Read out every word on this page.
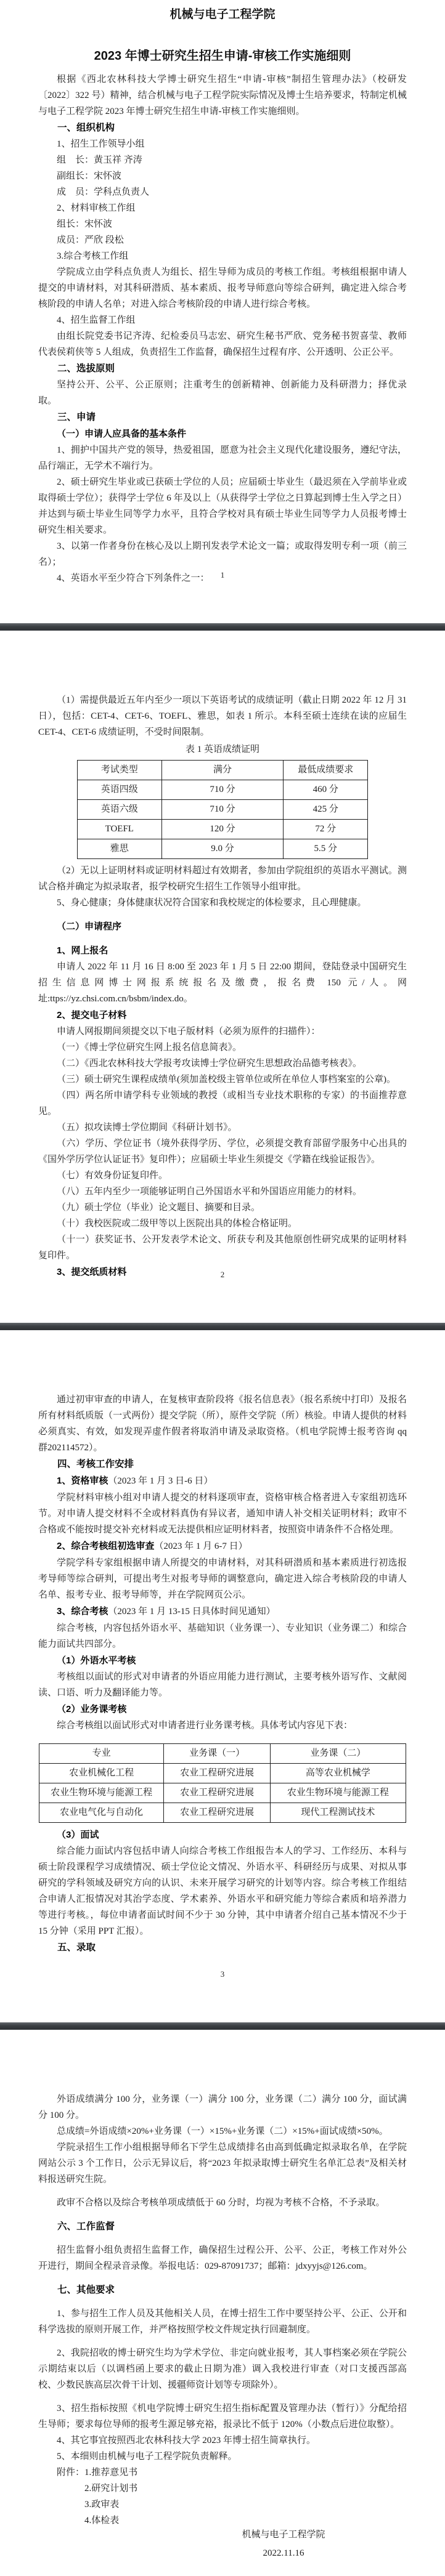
机械与电子工程学院
2023 年博士研究生招生申请-审核工作实施细则
根据《西北农林科技大学博士研究生招生“申请-审核”制招生管理办法》（校研发〔2022〕322 号）精神，结合机械与电子工程学院实际情况及博士生培养要求，特制定机械与电子工程学院 2023 年博士研究生招生申请-审核工作实施细则。
一、组织机构
1、招生工作领导小组
组　长：黄玉祥 齐涛
副组长：宋怀波
成　员：学科点负责人
2、材料审核工作组
组长：宋怀波
成员：严欣 段松
3.综合考核工作组
学院成立由学科点负责人为组长、招生导师为成员的考核工作组。考核组根据申请人提交的申请材料，对其科研潜质、基本素质、报考导师意向等综合研判，确定进入综合考核阶段的申请人名单；对进入综合考核阶段的申请人进行综合考核。
4、招生监督工作组
由组长院党委书记齐涛、纪检委员马志宏、研究生秘书严欣、党务秘书贺喜莹、教师代表侯莉侠等 5 人组成，负责招生工作监督，确保招生过程有序、公开透明、公正公平。
二、选拔原则
坚持公开、公平、公正原则；注重考生的创新精神、创新能力及科研潜力；择优录取。
三、申请
（一）申请人应具备的基本条件
1、拥护中国共产党的领导，热爱祖国，愿意为社会主义现代化建设服务，遵纪守法，品行端正，无学术不端行为。
2、硕士研究生毕业或已获硕士学位的人员；应届硕士毕业生（最迟须在入学前毕业或取得硕士学位）；获得学士学位 6 年及以上（从获得学士学位之日算起到博士生入学之日）并达到与硕士毕业生同等学力水平，且符合学校对具有硕士毕业生同等学力人员报考博士研究生相关要求。
3、以第一作者身份在核心及以上期刊发表学术论文一篇；或取得发明专利一项（前三名）；
4、英语水平至少符合下列条件之一：	1
（1）需提供最近五年内至少一项以下英语考试的成绩证明（截止日期 2022 年 12 月 31 日），包括：CET-4、CET-6、TOEFL、雅思，如表 1 所示。本科至硕士连续在读的应届生 CET-4、CET-6 成绩证明，不受时间限制。
表 1 英语成绩证明
考试类型	满分	最低成绩要求
英语四级	710 分	460 分
英语六级	710 分	425 分
TOEFL	120 分	72 分
雅思	9.0 分	5.5 分
（2）无以上证明材料或证明材料超过有效期者，参加由学院组织的英语水平测试。测试合格并确定为拟录取者，报学校研究生招生工作领导小组审批。
5、身心健康；身体健康状况符合国家和我校规定的体检要求，且心理健康。
（二）申请程序
1、网上报名
申请人 2022 年 11 月 16 日 8:00 至 2023 年 1 月 5 日 22:00 期间，登陆登录中国研究生招生信息网博士网报系统报名及缴费，报名费 150 元/人。网址:ttps://yz.chsi.com.cn/bsbm/index.do。
2、提交电子材料
申请人网报期间须提交以下电子版材料（必须为原件的扫描件）：
（一）《博士学位研究生网上报名信息简表》。
（二）《西北农林科技大学报考攻读博士学位研究生思想政治品德考核表》。
（三）硕士研究生课程成绩单(须加盖校级主管单位或所在单位人事档案室的公章)。
（四）两名所申请学科专业领域的教授（或相当专业技术职称的专家）的书面推荐意见。
（五）拟攻读博士学位期间《科研计划书》。
（六）学历、学位证书（境外获得学历、学位，必须提交教育部留学服务中心出具的《国外学历学位认证证书》复印件）；应届硕士毕业生须提交《学籍在线验证报告》。
（七）有效身份证复印件。
（八）五年内至少一项能够证明自己外国语水平和外国语应用能力的材料。
（九）硕士学位（毕业）论文题目、摘要和目录。
（十）我校医院或二级甲等以上医院出具的体检合格证明。
（十一）获奖证书、公开发表学术论文、所获专利及其他原创性研究成果的证明材料复印件。
3、提交纸质材料	2
通过初审审查的申请人，在复核审查阶段将《报名信息表》（报名系统中打印）及报名所有材料纸质版（一式两份）提交学院（所），原件交学院（所）核验。申请人提供的材料必须真实、有效，如发现弄虚作假者将取消申请及录取资格。（机电学院博士报考咨询 qq 群202114572）。
四、考核工作安排
1、资格审核（2023 年 1 月 3 日-6 日）
学院材料审核小组对申请人提交的材料逐项审查，资格审核合格者进入专家组初选环节。对申请人提交材料不全或材料真伪有异议者，通知申请人补交相关证明材料；政审不合格或不能按时提交补充材料或无法提供相应证明材料者，按照资申请条件不合格处理。
2、综合考核组初选审查（2023 年 1 月 6-7 日）
学院学科专家组根据申请人所提交的申请材料，对其科研潜质和基本素质进行初选报考导师等综合研判，可提出考生对报考导师的调整意向，确定进入综合考核阶段的申请人名单、报考专业、报考导师等，并在学院网页公示。
3、综合考核（2023 年 1 月 13-15 日具体时间见通知）
综合考核，内容包括外语水平、基础知识（业务课一）、专业知识（业务课二）和综合能力面试共四部分。
（1）外语水平考核
考核组以面试的形式对申请者的外语应用能力进行测试，主要考核外语写作、文献阅读、口语、听力及翻译能力等。
（2）业务课考核
综合考核组以面试形式对申请者进行业务课考核。具体考试内容见下表：
专业	业务课（一）	业务课（二）
农业机械化工程	农业工程研究进展	高等农业机械学
农业生物环境与能源工程	农业工程研究进展	农业生物环境与能源工程
农业电气化与自动化	农业工程研究进展	现代工程测试技术
（3）面试
综合能力面试内容包括申请人向综合考核工作组报告本人的学习、工作经历、本科与硕士阶段课程学习成绩情况、硕士学位论文情况、外语水平、科研经历与成果、对拟从事研究的学科领域及研究方向的认识、未来开展学习研究的计划等内容。综合考核工作组结合申请人汇报情况对其治学态度、学术素养、外语水平和研究能力等综合素质和培养潜力等进行考核。，每位申请者面试时间不少于 30 分钟，其中申请者介绍自己基本情况不少于 15 分钟（采用 PPT 汇报）。
五、录取
3
外语成绩满分 100 分，业务课（一）满分 100 分，业务课（二）满分 100 分，面试满分 100 分。
总成绩=外语成绩×20%+业务课（一）×15%+业务课（二）×15%+面试成绩×50%。
学院录招生工作小组根据导师名下学生总成绩排名由高到低确定拟录取名单，在学院网站公示 3 个工作日，公示无异议后，将“2023 年拟录取博士研究生名单汇总表”及相关材料报送研究生院。
政审不合格以及综合考核单项成绩低于 60 分时，均视为考核不合格，不予录取。
六、工作监督
招生监督小组负责招生监督工作，确保招生过程公开、公平、公正，考核工作对外公开进行，期间全程录音录像。举报电话：029-87091737；邮箱：jdxyyjs@126.com。
七、其他要求
1、参与招生工作人员及其他相关人员，在博士招生工作中要坚持公平、公正、公开和科学选拔的原则开展工作，并严格按照学校文件规定执行回避制度。
2、我院招收的博士研究生均为学术学位、非定向就业报考，其人事档案必须在学院公示期结束以后（以调档函上要求的截止日期为准）调入我校进行审查（对口支援西部高校、少数民族高层次骨干计划、援疆师资计划等专项除外）。
3、招生指标按照《机电学院博士研究生招生指标配置及管理办法（暂行）》分配给招生导师；要求每位导师的报考生源足够充裕，报录比不低于 120%（小数点后进位取整）。
4、其它事宜按照西北农林科技大学 2023 年博士招生简章执行。
5、本细则由机械与电子工程学院负责解释。
附件：1.推荐意见书
2.研究计划书
3.政审表
4.体检表
机械与电子工程学院
2022.11.16
